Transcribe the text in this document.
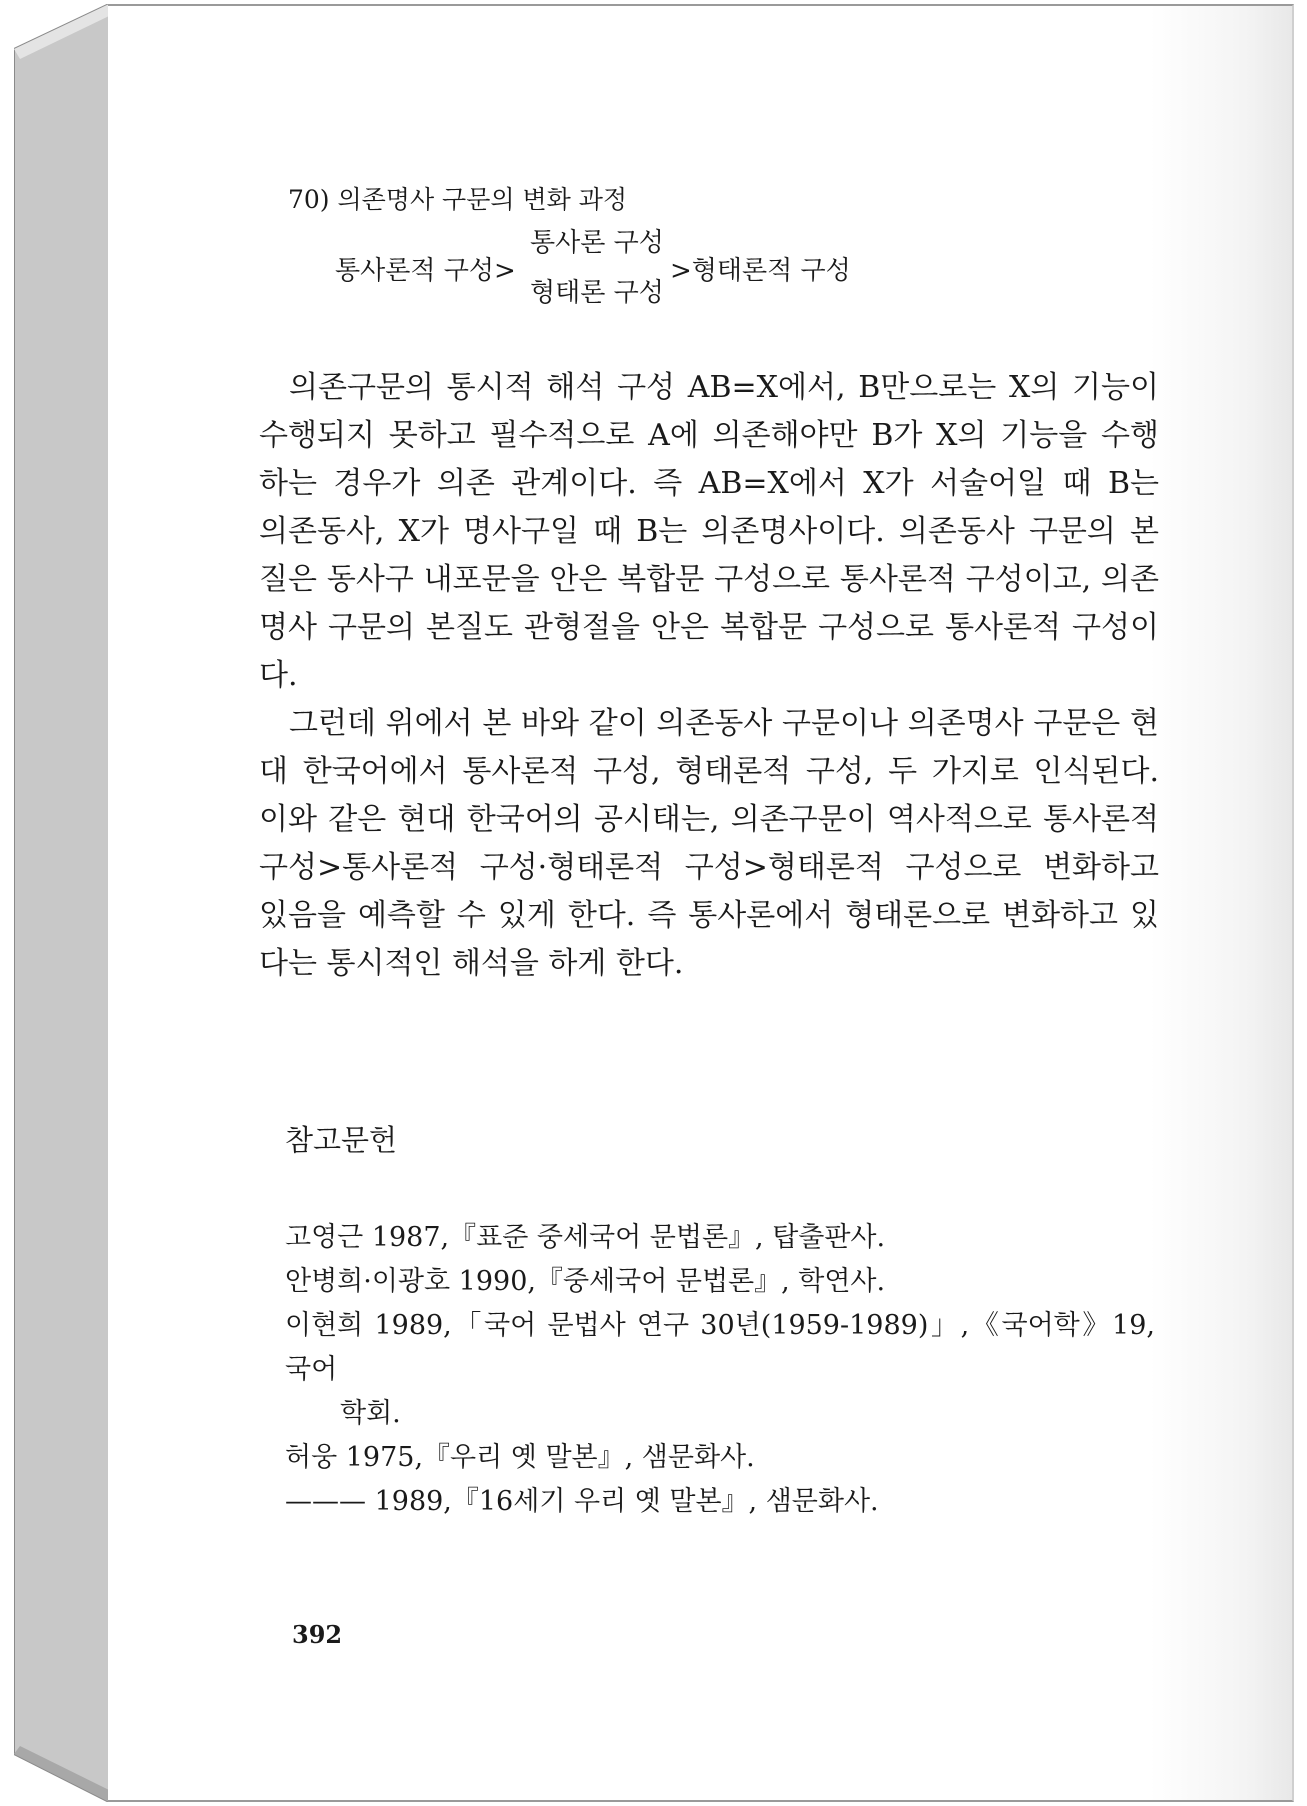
70) 의존명사 구문의 변화 과정
통사론적 구성>
통사론 구성
형태론 구성
>형태론적 구성
의존구문의 통시적 해석 구성 AB=X에서, B만으로는 X의 기능이
수행되지 못하고 필수적으로 A에 의존해야만 B가 X의 기능을 수행
하는 경우가 의존 관계이다. 즉 AB=X에서 X가 서술어일 때 B는
의존동사, X가 명사구일 때 B는 의존명사이다. 의존동사 구문의 본
질은 동사구 내포문을 안은 복합문 구성으로 통사론적 구성이고, 의존
명사 구문의 본질도 관형절을 안은 복합문 구성으로 통사론적 구성이
다.
그런데 위에서 본 바와 같이 의존동사 구문이나 의존명사 구문은 현
대 한국어에서 통사론적 구성, 형태론적 구성, 두 가지로 인식된다.
이와 같은 현대 한국어의 공시태는, 의존구문이 역사적으로 통사론적
구성>통사론적 구성·형태론적 구성>형태론적 구성으로 변화하고
있음을 예측할 수 있게 한다. 즉 통사론에서 형태론으로 변화하고 있
다는 통시적인 해석을 하게 한다.
참고문헌
고영근 1987,『표준 중세국어 문법론』, 탑출판사.
안병희·이광호 1990,『중세국어 문법론』, 학연사.
이현희 1989,「국어 문법사 연구 30년(1959-1989)」,《국어학》19, 국어
학회.
허웅 1975,『우리 옛 말본』, 샘문화사.
——— 1989,『16세기 우리 옛 말본』, 샘문화사.
392
